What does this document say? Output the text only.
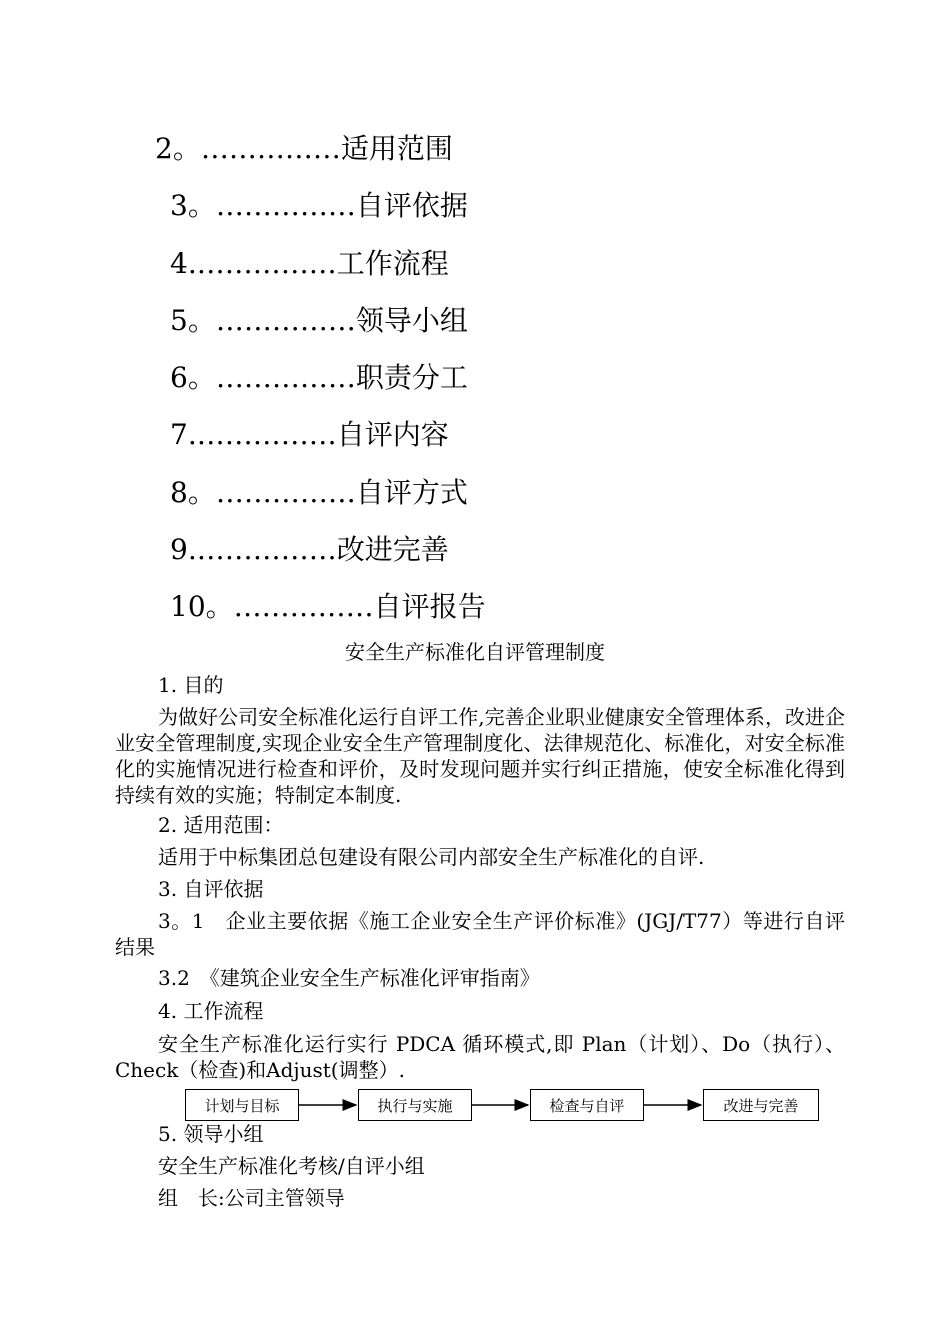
2。……………适用范围
3。……………自评依据
4.……………工作流程
5。……………领导小组
6。……………职责分工
7.……………自评内容
8。……………自评方式
9.……………改进完善
10。……………自评报告
安全生产标准化自评管理制度
1. 目的
为做好公司安全标准化运行自评工作,完善企业职业健康安全管理体系，改进企业安全管理制度,实现企业安全生产管理制度化、法律规范化、标准化，对安全标准化的实施情况进行检查和评价，及时发现问题并实行纠正措施，使安全标准化得到持续有效的实施；特制定本制度.
2. 适用范围：
适用于中标集团总包建设有限公司内部安全生产标准化的自评.
3. 自评依据
3。1　企业主要依据《施工企业安全生产评价标准》(JGJ/T77）等进行自评结果
3.2　《建筑企业安全生产标准化评审指南》
4. 工作流程
安全生产标准化运行实行 PDCA 循环模式,即 Plan（计划）、Do（执行）、Check（检查)和Adjust(调整）.
5. 领导小组
计划与目标	执行与实施	检查与自评	改进与完善
安全生产标准化考核/自评小组
组　长:公司主管领导
